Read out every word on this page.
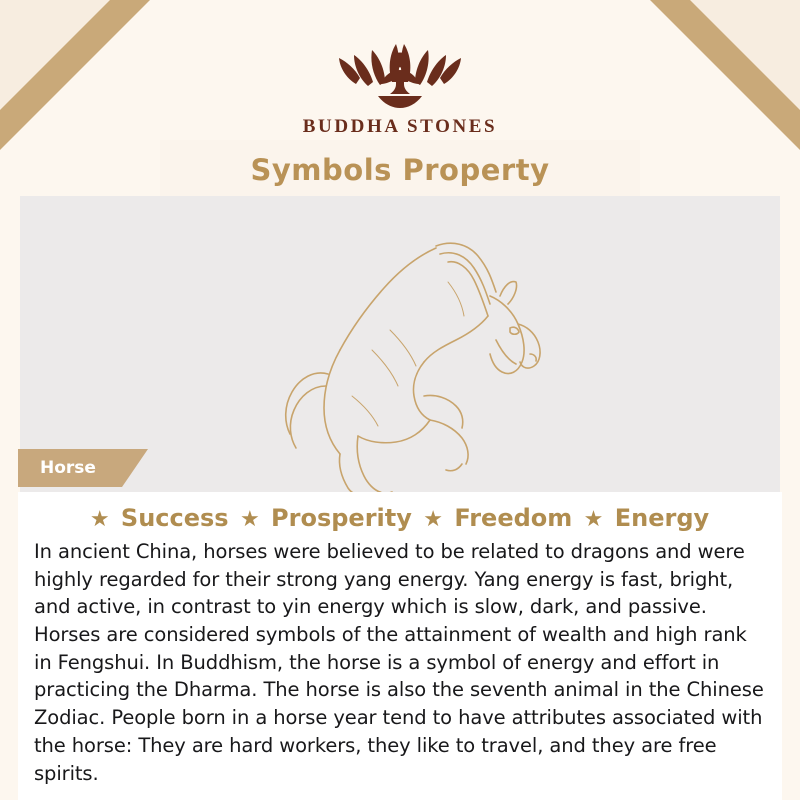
BUDDHA STONES
Symbols Property
Horse
★ Success ★ Prosperity ★ Freedom ★ Energy

In ancient China, horses were believed to be related to dragons and were highly regarded for their strong yang energy. Yang energy is fast, bright, and active, in contrast to yin energy which is slow, dark, and passive. Horses are considered symbols of the attainment of wealth and high rank in Fengshui. In Buddhism, the horse is a symbol of energy and effort in practicing the Dharma. The horse is also the seventh animal in the Chinese Zodiac. People born in a horse year tend to have attributes associated with the horse: They are hard workers, they like to travel, and they are free spirits.
